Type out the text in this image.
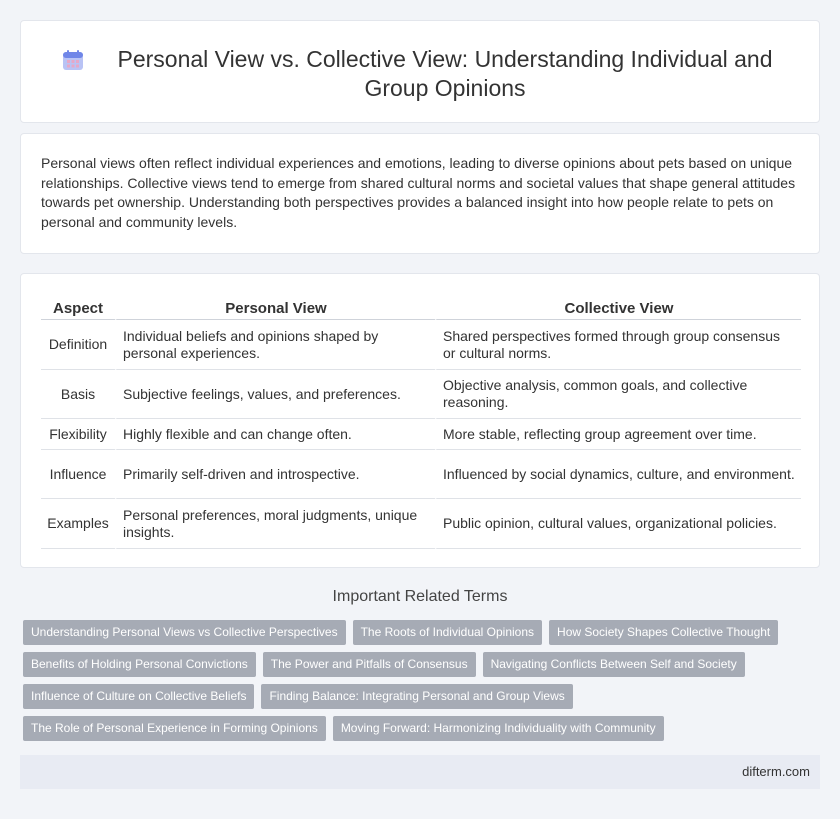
Personal View vs. Collective View: Understanding Individual and Group Opinions

Personal views often reflect individual experiences and emotions, leading to diverse opinions about pets based on unique relationships. Collective views tend to emerge from shared cultural norms and societal values that shape general attitudes towards pet ownership. Understanding both perspectives provides a balanced insight into how people relate to pets on personal and community levels.

Aspect	Personal View	Collective View
Definition	Individual beliefs and opinions shaped by personal experiences.	Shared perspectives formed through group consensus or cultural norms.
Basis	Subjective feelings, values, and preferences.	Objective analysis, common goals, and collective reasoning.
Flexibility	Highly flexible and can change often.	More stable, reflecting group agreement over time.
Influence	Primarily self-driven and introspective.	Influenced by social dynamics, culture, and environment.
Examples	Personal preferences, moral judgments, unique insights.	Public opinion, cultural values, organizational policies.
Important Related Terms
Understanding Personal Views vs Collective Perspectives	The Roots of Individual Opinions	How Society Shapes Collective Thought
Benefits of Holding Personal Convictions	The Power and Pitfalls of Consensus	Navigating Conflicts Between Self and Society
Influence of Culture on Collective Beliefs	Finding Balance: Integrating Personal and Group Views
The Role of Personal Experience in Forming Opinions	Moving Forward: Harmonizing Individuality with Community
difterm.com
